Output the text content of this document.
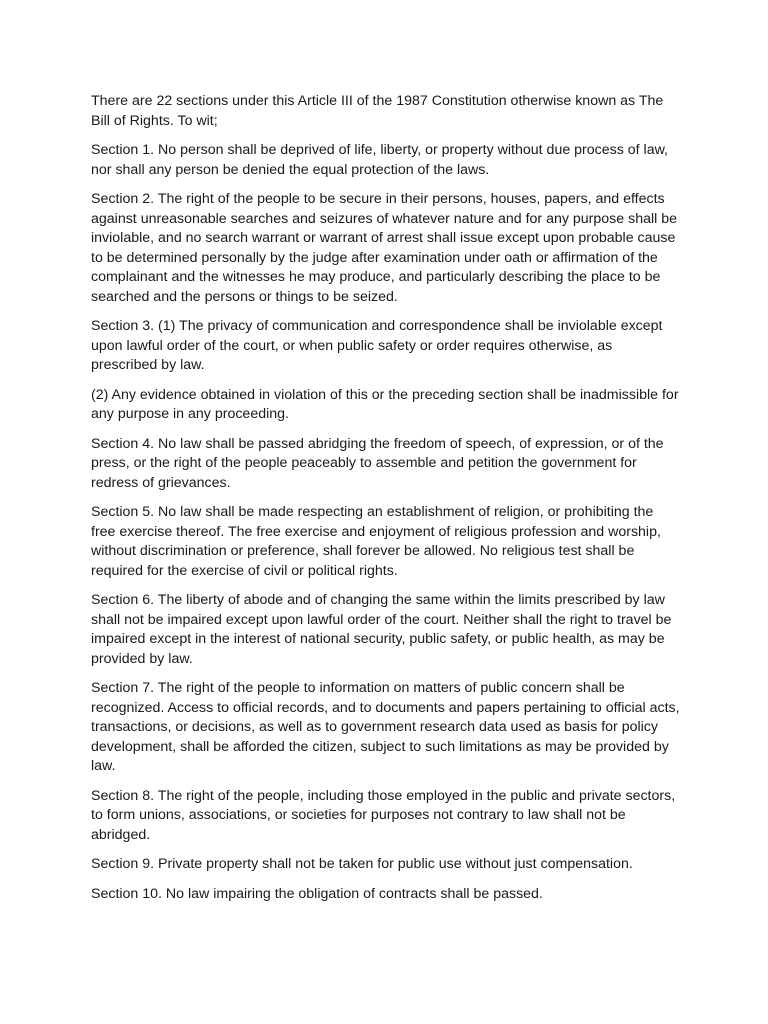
There are 22 sections under this Article III of the 1987 Constitution otherwise known as The Bill of Rights. To wit;

Section 1. No person shall be deprived of life, liberty, or property without due process of law, nor shall any person be denied the equal protection of the laws.

Section 2. The right of the people to be secure in their persons, houses, papers, and effects against unreasonable searches and seizures of whatever nature and for any purpose shall be inviolable, and no search warrant or warrant of arrest shall issue except upon probable cause to be determined personally by the judge after examination under oath or affirmation of the complainant and the witnesses he may produce, and particularly describing the place to be searched and the persons or things to be seized.

Section 3. (1) The privacy of communication and correspondence shall be inviolable except upon lawful order of the court, or when public safety or order requires otherwise, as prescribed by law.

(2) Any evidence obtained in violation of this or the preceding section shall be inadmissible for any purpose in any proceeding.

Section 4. No law shall be passed abridging the freedom of speech, of expression, or of the press, or the right of the people peaceably to assemble and petition the government for redress of grievances.

Section 5. No law shall be made respecting an establishment of religion, or prohibiting the free exercise thereof. The free exercise and enjoyment of religious profession and worship, without discrimination or preference, shall forever be allowed. No religious test shall be required for the exercise of civil or political rights.

Section 6. The liberty of abode and of changing the same within the limits prescribed by law shall not be impaired except upon lawful order of the court. Neither shall the right to travel be impaired except in the interest of national security, public safety, or public health, as may be provided by law.

Section 7. The right of the people to information on matters of public concern shall be recognized. Access to official records, and to documents and papers pertaining to official acts, transactions, or decisions, as well as to government research data used as basis for policy development, shall be afforded the citizen, subject to such limitations as may be provided by law.

Section 8. The right of the people, including those employed in the public and private sectors, to form unions, associations, or societies for purposes not contrary to law shall not be abridged.

Section 9. Private property shall not be taken for public use without just compensation.

Section 10. No law impairing the obligation of contracts shall be passed.
